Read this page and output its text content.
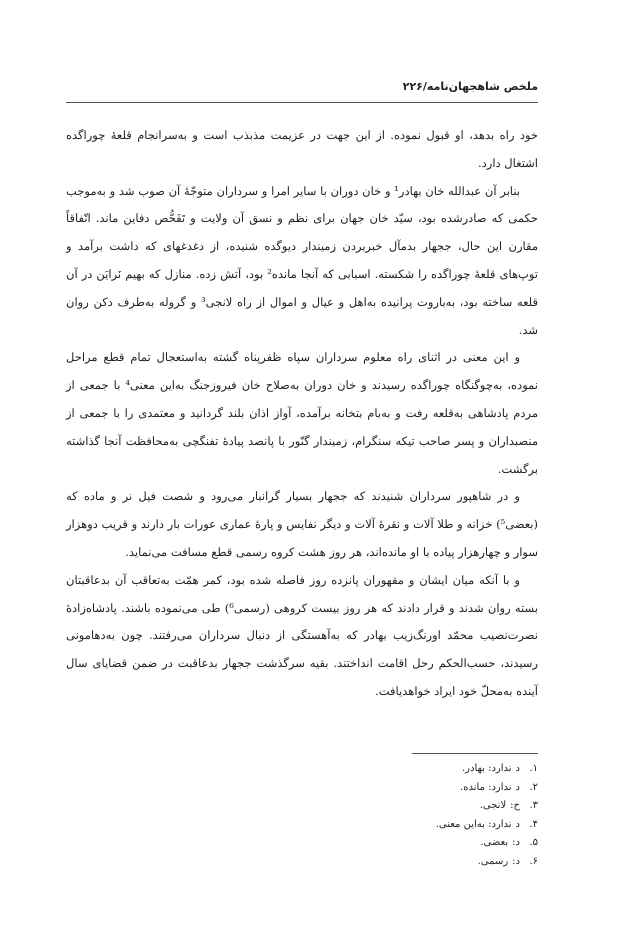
ملخص شاهجهان‌نامه/۲۲۶

خود راه بدهد، او قبول نموده. از این جهت در عزیمت مذبذب است و به‌سرانجام قلعهٔ چوراگده اشتغال دارد.

بنابر آن عبدالله خان بهادر¹ و خان دوران با سایر امرا و سرداران متوجّهٔ آن صوب شد و به‌موجب حکمی که صادرشده بود، سیّد خان جهان برای نظم و نسق آن ولایت و تَفَحُّص دفاین ماند. اتّفاقاً مقارن این حال، ججهار بدمآل خبربردن زمیندار دیوگده شنیده، از دغدغهای که داشت برآمد و توپ‌های قلعهٔ چوراگده را شکسته. اسبابی که آنجا مانده² بود، آتش زده. منازل که بهیم نَرایَن در آن قلعه ساخته بود، به‌باروت پرانیده به‌اهل و عیال و اموال از راه لانجی³ و گروله به‌طرف دکن روان شد.

و این معنی در اثنای راه معلوم سرداران سپاه ظفرپناه گشته به‌استعجال تمام قطع مراحل نموده، به‌چوگنگاه چوراگده رسیدند و خان دوران به‌صلاح خان فیروزجنگ به‌این معنی⁴ با جمعی از مردم پادشاهی به‌قلعه رفت و به‌بام بتخانه برآمده، آواز اذان بلند گردانید و معتمدی را با جمعی از منصبداران و پسر صاحب تیکه سنگرام، زمیندار گنّور با پانصد پیادهٔ تفنگچی به‌محافظت آنجا گذاشته برگشت.

و در شاهپور سرداران شنیدند که ججهار بسیار گرانبار می‌رود و شصت فیل نر و ماده که (بعضی⁵) خزانه و طلا آلات و نقرهٔ آلات و دیگر نفایس و پارهٔ عماری عورات بار دارند و قریب دوهزار سوار و چهارهزار پیاده با او مانده‌اند، هر روز هشت کروه رسمی قطع مسافت می‌نماید.

و با آنکه میان ایشان و مقهوران پانزده روز فاصله شده بود، کمر همّت به‌تعاقب آن بدعاقبتان بسته روان شدند و قرار دادند که هر روز بیست کروهی (رسمی⁶) طی می‌نموده باشند. پادشاه‌زادهٔ نصرت‌نصیب محمّد اورنگ‌زیب بهادر که به‌آهستگی از دنبال سرداران می‌رفتند. چون به‌دهامونی رسیدند، حسب‌الحکم رحل اقامت انداختند. بقیه سرگذشت ججهار بدعاقبت در ضمن قضایای سال آینده به‌محلّ خود ایراد خواهدیافت.

۱.دندارد: بهادر.
۲.دندارد: مانده.
۳.ح:لانجی.
۴.دندارد: به‌این معنی.
۵.د:بعضی.
۶.د:رسمی.
